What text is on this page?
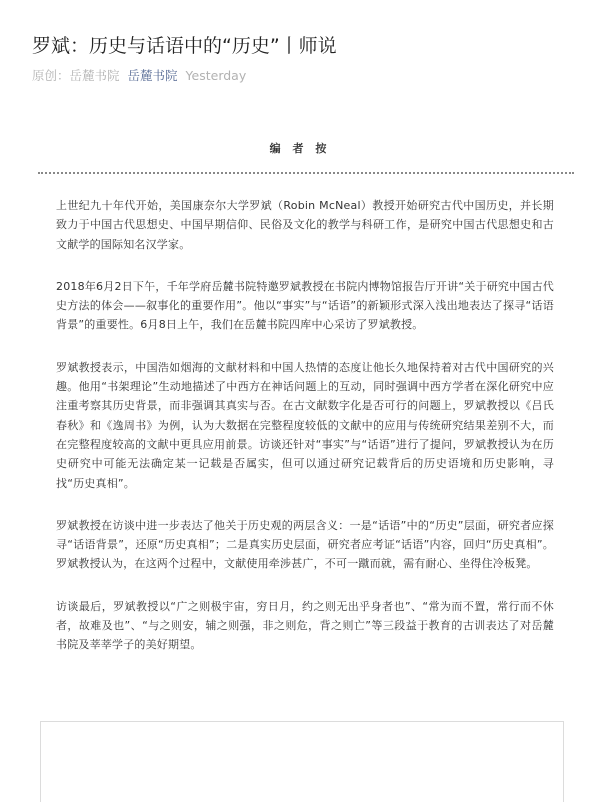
罗斌：历史与话语中的“历史”丨师说
原创：岳麓书院 岳麓书院 Yesterday
编 者 按

上世纪九十年代开始，美国康奈尔大学罗斌（Robin McNeal）教授开始研究古代中国历史，并长期致力于中国古代思想史、中国早期信仰、民俗及文化的教学与科研工作，是研究中国古代思想史和古文献学的国际知名汉学家。

2018年6月2日下午，千年学府岳麓书院特邀罗斌教授在书院内博物馆报告厅开讲“关于研究中国古代史方法的体会——叙事化的重要作用”。他以“事实”与“话语”的新颖形式深入浅出地表达了探寻“话语背景”的重要性。6月8日上午，我们在岳麓书院四库中心采访了罗斌教授。

罗斌教授表示，中国浩如烟海的文献材料和中国人热情的态度让他长久地保持着对古代中国研究的兴趣。他用“书架理论”生动地描述了中西方在神话问题上的互动，同时强调中西方学者在深化研究中应注重考察其历史背景，而非强调其真实与否。在古文献数字化是否可行的问题上，罗斌教授以《吕氏春秋》和《逸周书》为例，认为大数据在完整程度较低的文献中的应用与传统研究结果差别不大，而在完整程度较高的文献中更具应用前景。访谈还针对“事实”与“话语”进行了提问，罗斌教授认为在历史研究中可能无法确定某一记载是否属实，但可以通过研究记载背后的历史语境和历史影响，寻找“历史真相”。

罗斌教授在访谈中进一步表达了他关于历史观的两层含义：一是“话语”中的“历史”层面，研究者应探寻“话语背景”，还原“历史真相”；二是真实历史层面，研究者应考证“话语”内容，回归“历史真相”。罗斌教授认为，在这两个过程中，文献使用牵涉甚广，不可一蹴而就，需有耐心、坐得住冷板凳。

访谈最后，罗斌教授以“广之则极宇宙，穷日月，约之则无出乎身者也”、“常为而不置，常行而不休者，故难及也”、“与之则安，辅之则强，非之则危，背之则亡”等三段益于教育的古训表达了对岳麓书院及莘莘学子的美好期望。
